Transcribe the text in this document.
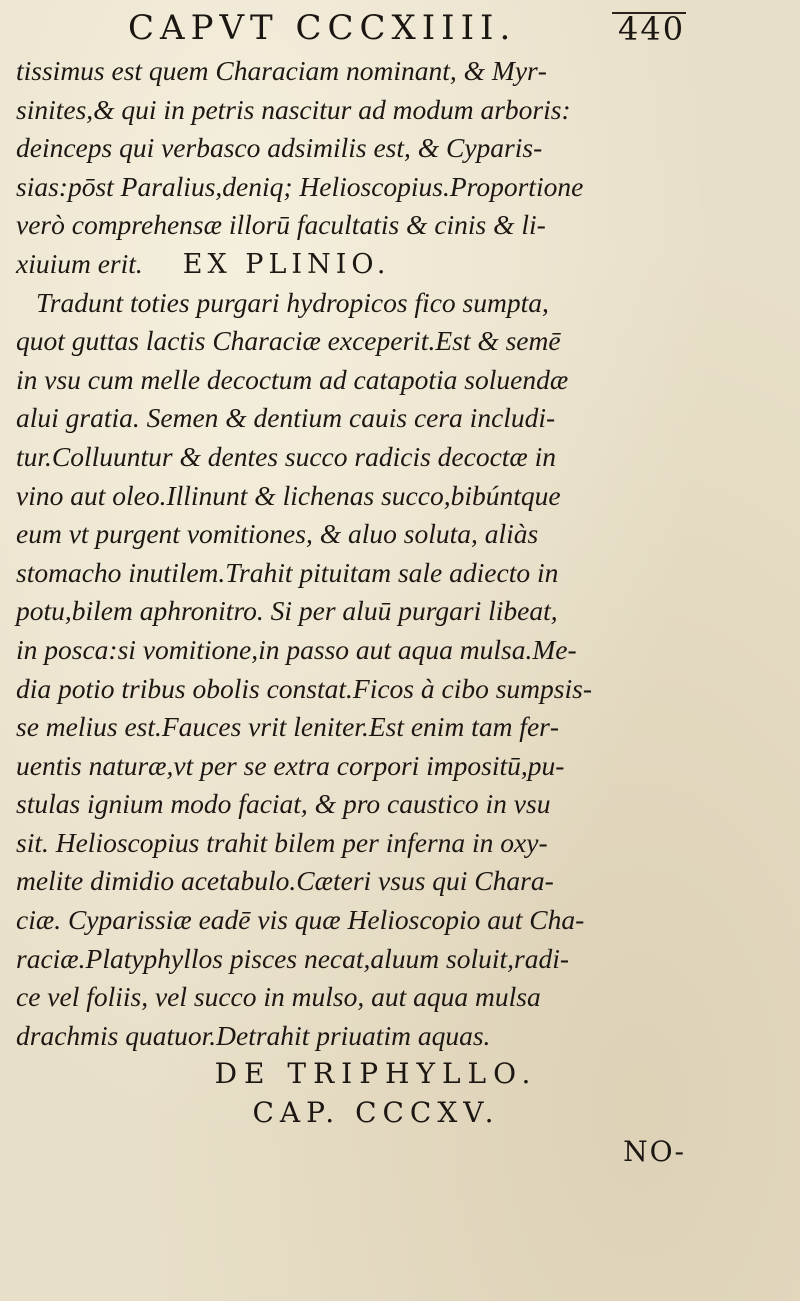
CAPVT CCCXIIII.	440
tissimus est quem Characiam nominant, & Myr‑
sinites,& qui in petris nascitur ad modum arboris:
deinceps qui verbasco adsimilis est, & Cyparis‑
sias:pōst Paralius,deniq; Helioscopius.Proportione
verò comprehensæ illorū facultatis & cinis & li‑
xiuium erit. EX PLINIO.
Tradunt toties purgari hydropicos fico sumpta,
quot guttas lactis Characiæ exceperit.Est & semē
in vsu cum melle decoctum ad catapotia soluendæ
alui gratia. Semen & dentium cauis cera includi‑
tur.Colluuntur & dentes succo radicis decoctæ in
vino aut oleo.Illinunt & lichenas succo,bibúntque
eum vt purgent vomitiones, & aluo soluta, aliàs
stomacho inutilem.Trahit pituitam sale adiecto in
potu,bilem aphronitro. Si per aluū purgari libeat,
in posca:si vomitione,in passo aut aqua mulsa.Me‑
dia potio tribus obolis constat.Ficos à cibo sumpsis‑
se melius est.Fauces vrit leniter.Est enim tam fer‑
uentis naturæ,vt per se extra corpori impositū,pu‑
stulas ignium modo faciat, & pro caustico in vsu
sit. Helioscopius trahit bilem per inferna in oxy‑
melite dimidio acetabulo.Cæteri vsus qui Chara‑
ciæ. Cyparissiæ eadē vis quæ Helioscopio aut Cha‑
raciæ.Platyphyllos pisces necat,aluum soluit,radi‑
ce vel foliis, vel succo in mulso, aut aqua mulsa
drachmis quatuor.Detrahit priuatim aquas.
DE TRIPHYLLO.
CAP. CCCXV.
NO‑
